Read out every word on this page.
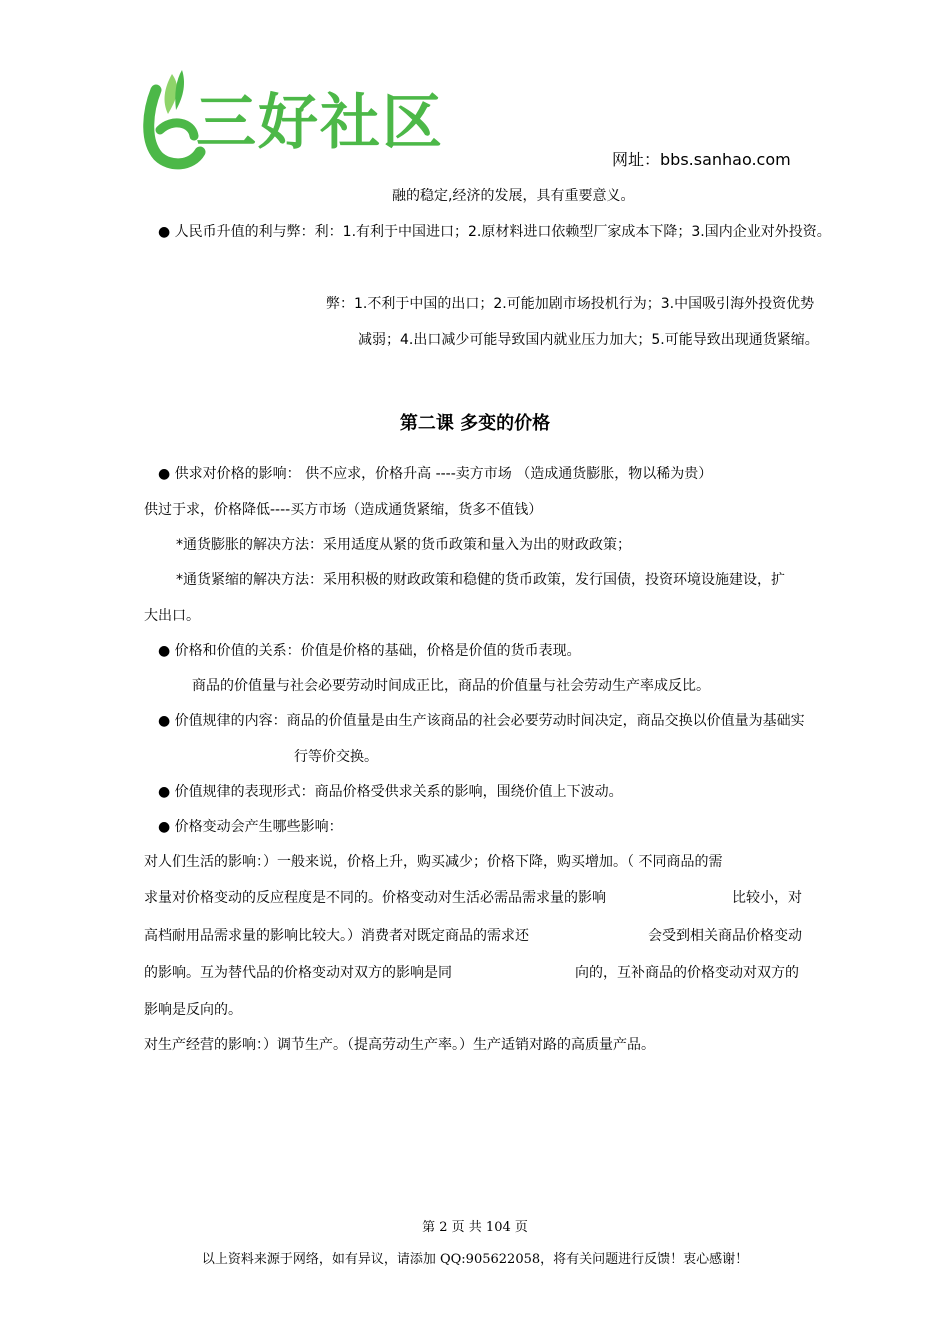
三好社区
网址：bbs.sanhao.com
融的稳定,经济的发展，具有重要意义。
● 人民币升值的利与弊：利：1.有利于中国进口；2.原材料进口依赖型厂家成本下降；3.国内企业对外投资。
弊：1.不利于中国的出口；2.可能加剧市场投机行为；3.中国吸引海外投资优势
减弱；4.出口减少可能导致国内就业压力加大；5.可能导致出现通货紧缩。
第二课 多变的价格
● 供求对价格的影响： 供不应求，价格升高 ----卖方市场 （造成通货膨胀，物以稀为贵）
供过于求，价格降低----买方市场（造成通货紧缩，货多不值钱）
*通货膨胀的解决方法：采用适度从紧的货币政策和量入为出的财政政策；
*通货紧缩的解决方法：采用积极的财政政策和稳健的货币政策，发行国债，投资环境设施建设，扩
大出口。
● 价格和价值的关系：价值是价格的基础，价格是价值的货币表现。
商品的价值量与社会必要劳动时间成正比，商品的价值量与社会劳动生产率成反比。
● 价值规律的内容：商品的价值量是由生产该商品的社会必要劳动时间决定，商品交换以价值量为基础实
行等价交换。
● 价值规律的表现形式：商品价格受供求关系的影响，围绕价值上下波动。
● 价格变动会产生哪些影响：
对人们生活的影响：）一般来说，价格上升，购买减少；价格下降，购买增加。（ 不同商品的需
求量对价格变动的反应程度是不同的。价格变动对生活必需品需求量的影响	比较小，对
高档耐用品需求量的影响比较大。）消费者对既定商品的需求还	会受到相关商品价格变动
的影响。互为替代品的价格变动对双方的影响是同	向的，互补商品的价格变动对双方的
影响是反向的。
对生产经营的影响：）调节生产。（提高劳动生产率。）生产适销对路的高质量产品。
第 2 页 共 104 页
以上资料来源于网络，如有异议，请添加 QQ:905622058，将有关问题进行反馈！衷心感谢！
